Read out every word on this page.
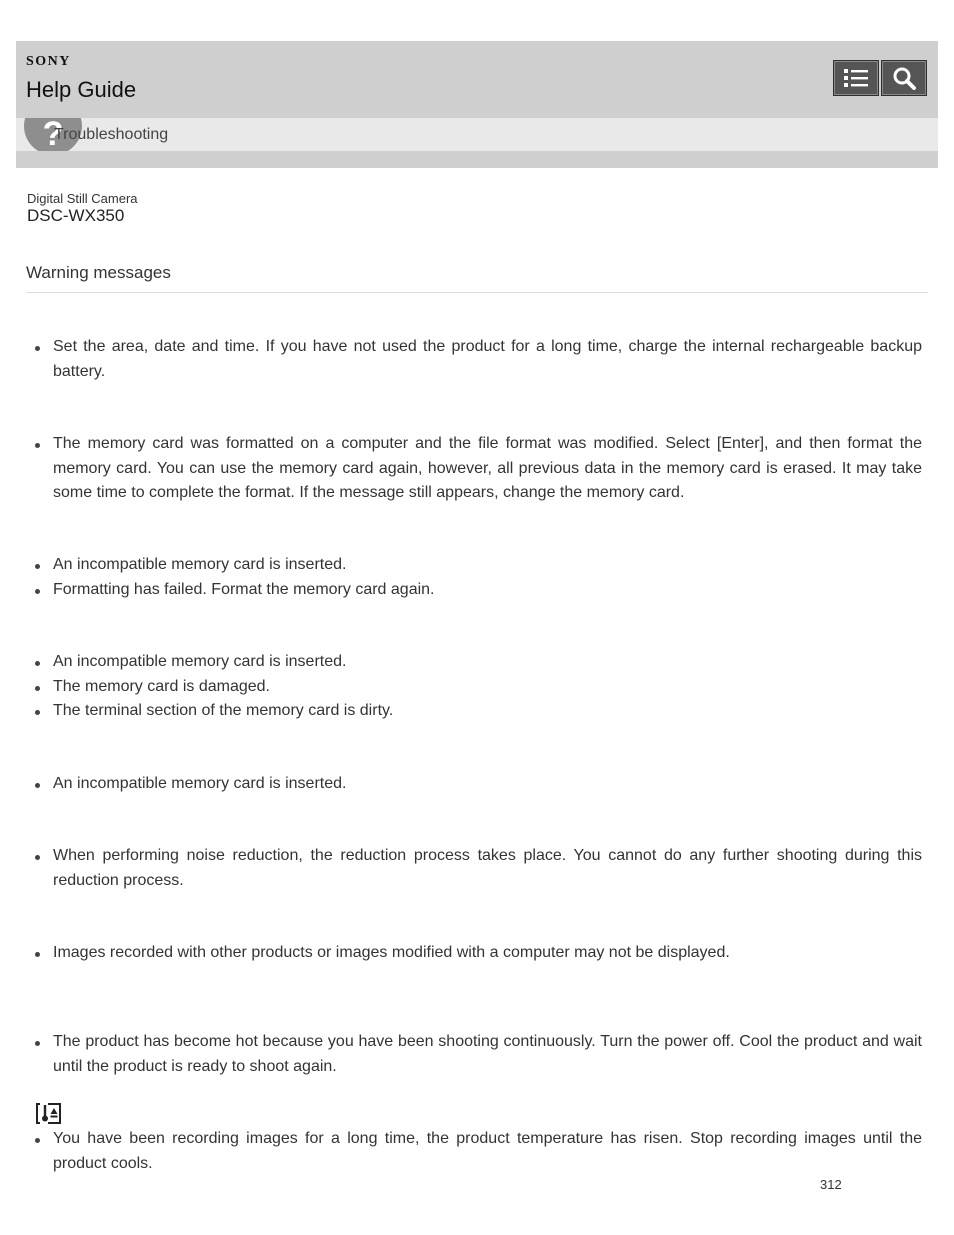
SONY
Help Guide
?
Troubleshooting
Digital Still Camera
DSC-WX350
Warning messages
Set the area, date and time. If you have not used the product for a long time, charge the internal rechargeable backup battery.
The memory card was formatted on a computer and the file format was modified. Select [Enter], and then format the memory card. You can use the memory card again, however, all previous data in the memory card is erased. It may take some time to complete the format. If the message still appears, change the memory card.
An incompatible memory card is inserted.
Formatting has failed. Format the memory card again.
An incompatible memory card is inserted.
The memory card is damaged.
The terminal section of the memory card is dirty.
An incompatible memory card is inserted.
When performing noise reduction, the reduction process takes place. You cannot do any further shooting during this reduction process.
Images recorded with other products or images modified with a computer may not be displayed.
The product has become hot because you have been shooting continuously. Turn the power off. Cool the product and wait until the product is ready to shoot again.
You have been recording images for a long time, the product temperature has risen. Stop recording images until the product cools.
312
